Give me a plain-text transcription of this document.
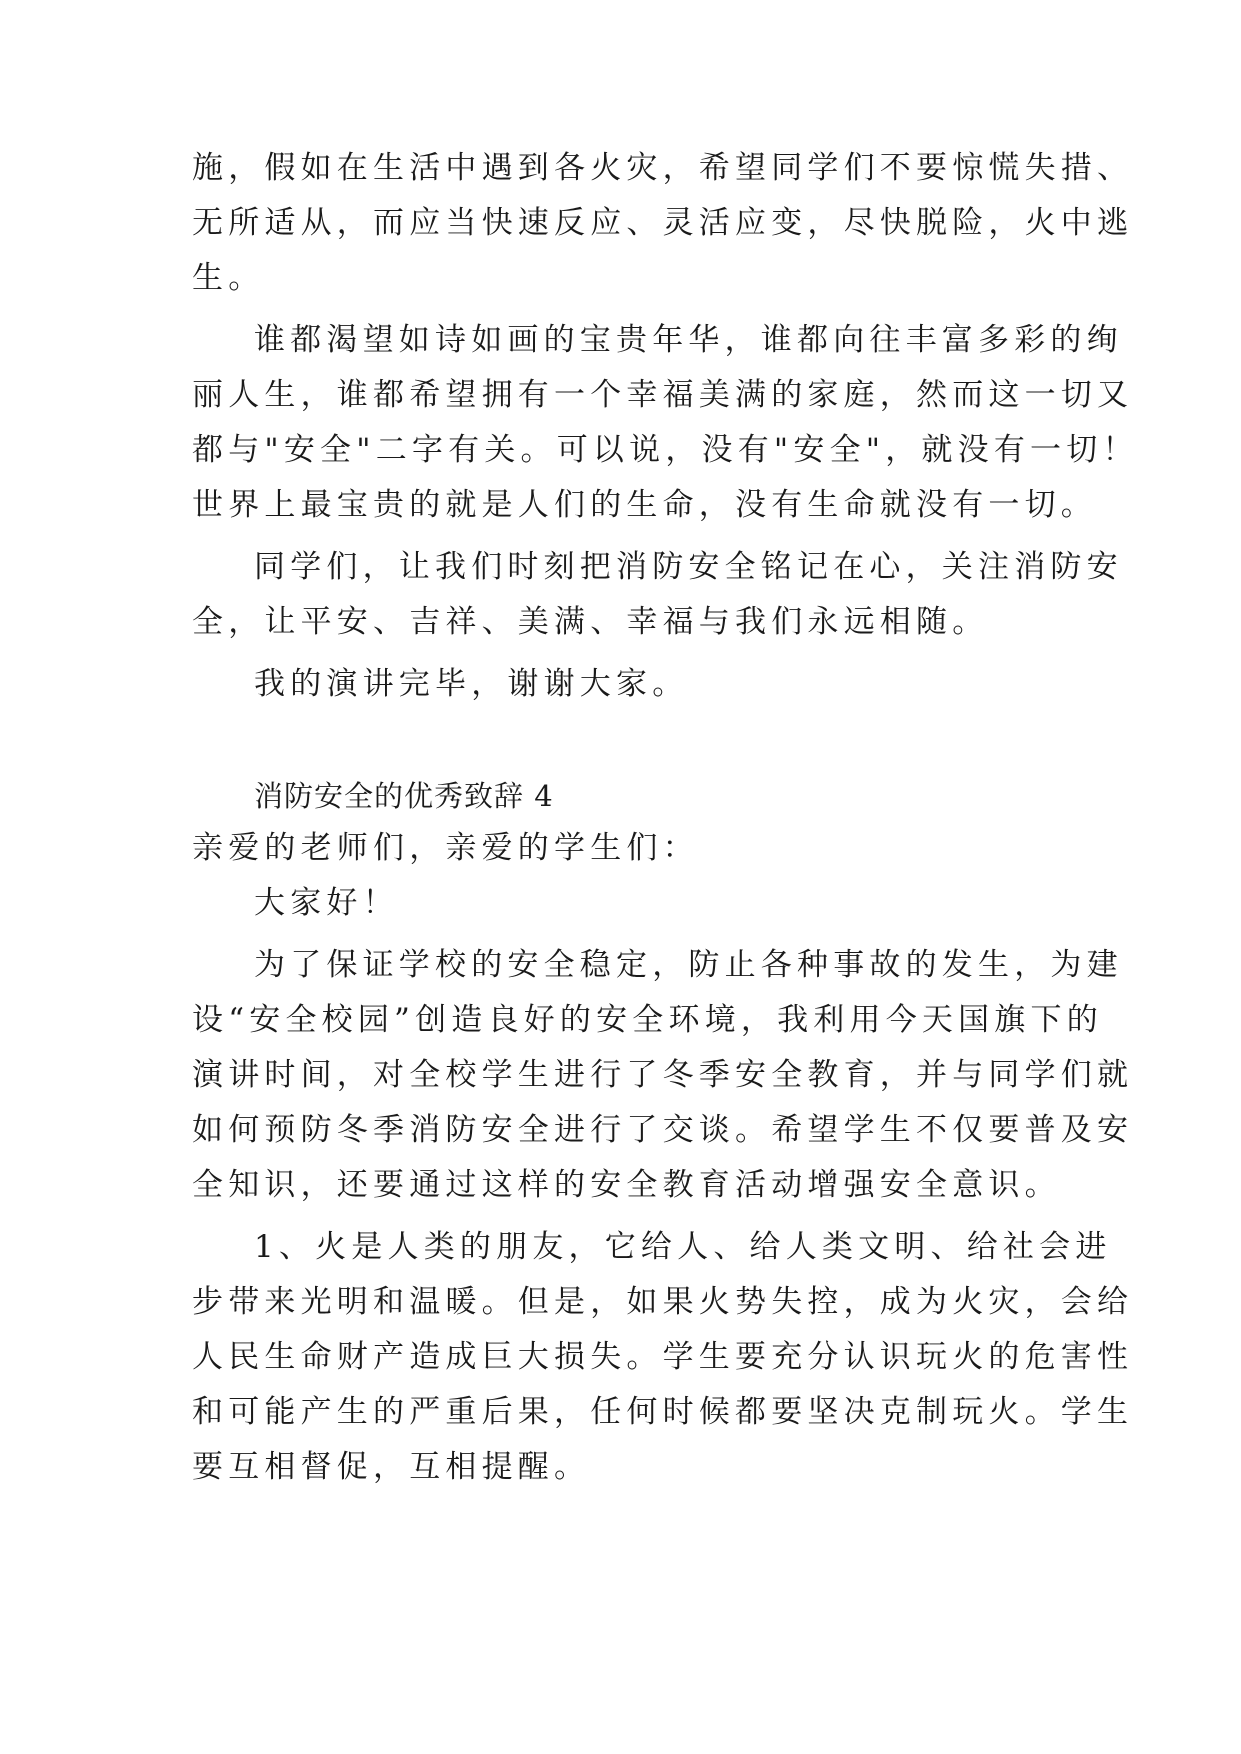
施，假如在生活中遇到各火灾，希望同学们不要惊慌失措、
无所适从，而应当快速反应、灵活应变，尽快脱险，火中逃
生。
谁都渴望如诗如画的宝贵年华，谁都向往丰富多彩的绚
丽人生，谁都希望拥有一个幸福美满的家庭，然而这一切又
都与"安全"二字有关。可以说，没有"安全"，就没有一切！
世界上最宝贵的就是人们的生命，没有生命就没有一切。
同学们，让我们时刻把消防安全铭记在心，关注消防安
全，让平安、吉祥、美满、幸福与我们永远相随。
我的演讲完毕，谢谢大家。
消防安全的优秀致辞 4
亲爱的老师们，亲爱的学生们：
大家好！
为了保证学校的安全稳定，防止各种事故的发生，为建
设“安全校园”创造良好的安全环境，我利用今天国旗下的
演讲时间，对全校学生进行了冬季安全教育，并与同学们就
如何预防冬季消防安全进行了交谈。希望学生不仅要普及安
全知识，还要通过这样的安全教育活动增强安全意识。
1、火是人类的朋友，它给人、给人类文明、给社会进
步带来光明和温暖。但是，如果火势失控，成为火灾，会给
人民生命财产造成巨大损失。学生要充分认识玩火的危害性
和可能产生的严重后果，任何时候都要坚决克制玩火。学生
要互相督促，互相提醒。
